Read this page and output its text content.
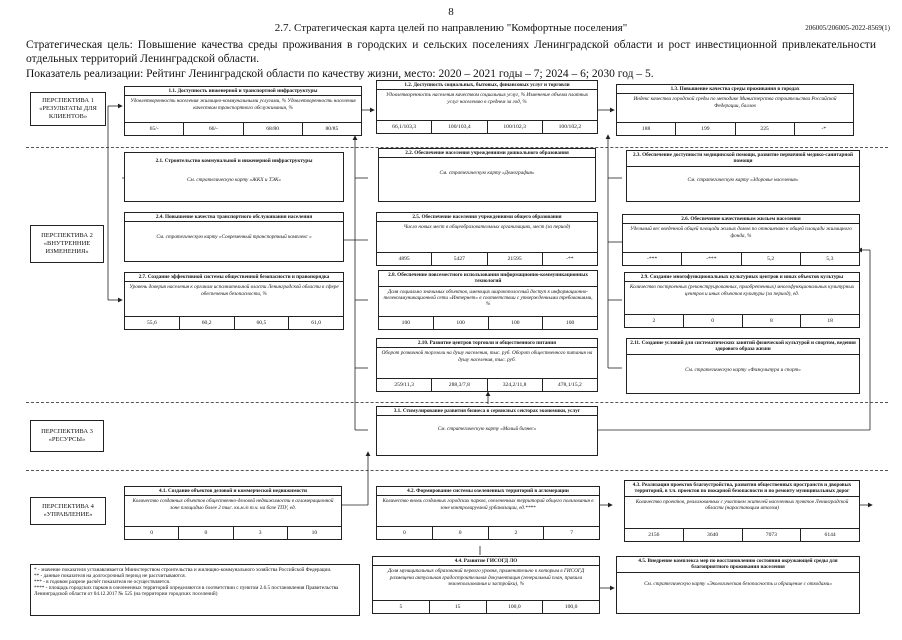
8
2.7. Стратегическая карта целей по направлению "Комфортные поселения"	206005/206005-2022-8569(1)
Стратегическая цель: Повышение качества среды проживания в городских и сельских поселениях Ленинградской области и рост инвестиционной привлекательности отдельных территорий Ленинградской области.
Показатель реализации: Рейтинг Ленинградской области по качеству жизни, место: 2020 – 2021 годы – 7; 2024 – 6; 2030 год – 5.
ПЕРСПЕКТИВА 1 «РЕЗУЛЬТАТЫ ДЛЯ КЛИЕНТОВ»
ПЕРСПЕКТИВА 2 «ВНУТРЕННИЕ ИЗМЕНЕНИЯ»
ПЕРСПЕКТИВА 3 «РЕСУРСЫ»
ПЕРСПЕКТИВА 4 «УПРАВЛЕНИЕ»
1.1. Доступность инженерной и транспортной инфраструктуры
Удовлетворенность населения жилищно-коммунальными услугами, % Удовлетворенность населения качеством транспортного обслуживания, %
65/-	66/-	68/80	80/85
1.2. Доступность социальных, бытовых, финансовых услуг и торговли
Удовлетворенность населения качеством социальных услуг, % Изменение объема платных услуг населению в среднем за год, %
66,1/103,3	100/103,4	100/102,3	100/102,2
1.3. Повышение качества среды проживания в городах
Индекс качества городской среды по методике Министерства строительства Российской Федерации, баллов
188	199	225	-*
2.1. Строительство коммунальной и инженерной инфраструктуры
См. стратегическую карту «ЖКХ и ТЭК»
2.2. Обеспечение населения учреждениями дошкольного образования
См. стратегическую карту «Демография»
2.3. Обеспечение доступности медицинской помощи, развитие первичной медико-санитарной помощи
См. стратегическую карту «Здоровье населения»
2.4. Повышение качества транспортного обслуживания населения
См. стратегическую карту «Современный транспортный комплекс »
2.5. Обеспечение населения учреждениями общего образования
Число новых мест в общеобразовательных организациях, мест (за период)
4895	5427	21595	-**
2.6. Обеспечение качественным жильем населения
Удельный вес введенной общей площади жилых домов по отношению к общей площади жилищного фонда, %
-***	-***	5,2	5,3
2.7. Создание эффективной системы общественной безопасности и правопорядка
Уровень доверия населения к органам исполнительной власти Ленинградской области в сфере обеспечения безопасности, %
55,6	60,2	60,5	61,0
2.8. Обеспечение повсеместного использования информационно-коммуникационных технологий
Доля социально значимых объектов, имеющих широкополосный доступ к информационно-телекоммуникационной сети «Интернет» в соответствии с утвержденными требованиями, %
100	100	100	100
2.9. Создание многофункциональных культурных центров и иных объектов культуры
Количество построенных (реконструированных, приобретенных) многофункциональных культурных центров и иных объектов культуры (за период), ед.
2	0	8	18
2.10. Развитие центров торговли и общественного питания
Оборот розничной торговли на душу населения, тыс. руб. Оборот общественного питания на душу населения, тыс. руб.
259/11,3	288,3/7,8	324,2/11,8	478,1/15,2
2.11. Создание условий для систематических занятий физической культурой и спортом, ведения здорового образа жизни
См. стратегическую карту «Физкультура и спорт»
3.1. Стимулирование развития бизнеса в сервисных секторах экономики, услуг
См. стратегическую карту «Малый бизнес»
4.1. Создание объектов деловой и коммерческой недвижимости
Количество созданных объектов общественно-деловой недвижимости в агломерационной зоне площадью более 2 тыс. кв.м./в т.ч. на базе ТПУ, ед.
0	0	3	10
4.2. Формирование системы озелененных территорий в агломерации
Количество вновь созданных городских парков, озелененных территорий общего пользования в зоне контролируемой урбанизации, ед.****
0	0	2	7
4.3. Реализация проектов благоустройства, развития общественных пространств и дворовых территорий, в т.ч. проектов по пожарной безопасности и по ремонту муниципальных дорог
Количество проектов, реализованных с участием жителей населенных пунктов Ленинградской области (нарастающим итогом)
2156	3640	7073	6144
4.4. Развитие ГИСОГД ЛО
Доля муниципальных образований первого уровня, применительно к которым в ГИСОГД размещена актуальная градостроительная документация (генеральный план, правила землепользования и застройки), %
5	15	100,0	100,0
4.5. Внедрение комплекса мер по восстановлению состояния окружающей среды для благоприятного проживания населения
См. стратегическую карту «Экологическая безопасность и обращение с отходами»
* - значение показателя устанавливается Министерством строительства и жилищно-коммунального хозяйства Российской Федерации.
** - данные показателя на долгосрочный период не рассчитываются.
*** - в годовом разрезе расчёт показателя не осуществляется.
**** - площадь городских парков в озелененных территорий определяются в соответствии с пунктом 2.6.5 постановления Правительства Ленинградской области от 04.12.2017 № 525 (на территории городских поселений)
